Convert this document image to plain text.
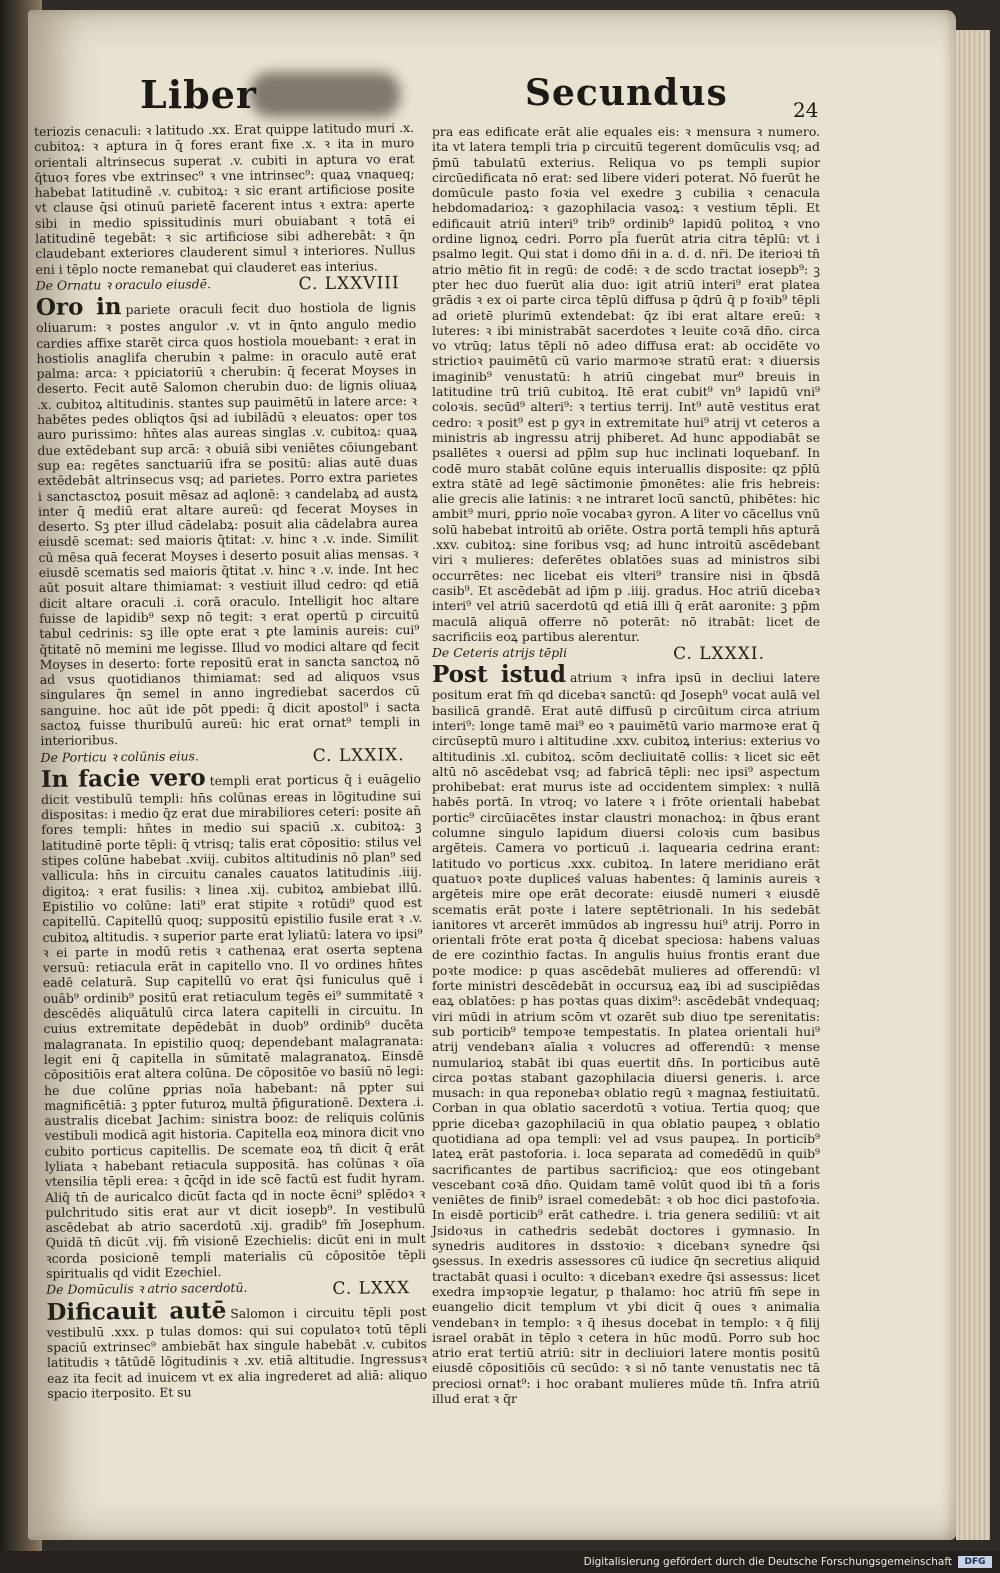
Liber	Secundus	24

teriozis cenaculi: ꝛ latitudo .xx. Erat quippe latitudo muri .x. cubitoꝝ: ꝛ aptura in q̄ fores erant fixe .x. ꝛ ita in muro orientali altrinsecus superat .v. cubiti in aptura vo erat q̄tuoꝛ fores vbe extrinsec⁹ ꝛ vne intrinsec⁹: quaꝝ vnaqueq; habebat latitudinē .v. cubitoꝝ: ꝛ sic erant artificiose posite vt clause q̄si otinuū parietē facerent intus ꝛ extra: aperte sibi in medio spissitudinis muri obuiabant ꝛ totā ei latitudinē tegebāt: ꝛ sic artificiose sibi adherebāt: ꝛ q̄n claudebant exteriores clauderent simul ꝛ interiores. Nullus eni i tēplo nocte remanebat qui clauderet eas interius.

De Ornatu ꝛ oraculo eiusdē.	C. LXXVIII

Oro in pariete oraculi fecit duo hostiola de lignis oliuarum: ꝛ postes angulor .v. vt in q̄nto angulo medio cardies affixe starēt circa quos hostiola mouebant: ꝛ erat in hostiolis anaglifa cherubin ꝛ palme: in oraculo autē erat palma: arca: ꝛ ppiciatoriū ꝛ cherubin: q̄ fecerat Moyses in deserto. Fecit autē Salomon cherubin duo: de lignis oliuaꝝ .x. cubitoꝝ altitudinis. stantes sup pauimētū in latere arce: ꝛ habētes pedes obliqtos q̄si ad iubilādū ꝛ eleuatos: oper tos auro purissimo: hn̄tes alas aureas singlas .v. cubitoꝝ: quaꝝ due extēdebant sup arcā: ꝛ obuiā sibi veniētes cōiungebant sup ea: regētes sanctuariū ifra se positū: alias autē duas extēdebāt altrinsecus vsq; ad parietes. Porro extra parietes i sanctasctoꝝ posuit mēsaz ad aqlonē: ꝛ candelabꝝ ad austꝝ inter q̄ mediū erat altare aureū: qd fecerat Moyses in deserto. Sꝫ pter illud cādelabꝝ: posuit alia cādelabra aurea eiusdē scemat: sed maioris q̄titat: .v. hinc ꝛ .v. inde. Similit cū mēsa quā fecerat Moyses i deserto posuit alias mensas. ꝛ eiusdē scematis sed maioris q̄titat .v. hinc ꝛ .v. inde. Int hec aūt posuit altare thimiamat: ꝛ vestiuit illud cedro: qd etiā dicit altare oraculi .i. corā oraculo. Intelligit hoc altare fuisse de lapidib⁹ sexp nō tegit: ꝛ erat opertū p circuitū tabul cedrinis: sꝫ ille opte erat ꝛ ꝑte laminis aureis: cui⁹ q̄titatē nō memini me legisse. Illud vo modici altare qd fecit Moyses in deserto: forte repositū erat in sancta sanctoꝝ nō ad vsus quotidianos thimiamat: sed ad aliquos vsus singulares q̄n semel in anno ingrediebat sacerdos cū sanguine. hoc aūt ide pōt ppedi: q̄ dicit apostol⁹ i sacta sactoꝝ fuisse thuribulū aureū: hic erat ornat⁹ templi in interioribus.

De Porticu ꝛ colūnis eius.	C. LXXIX.

In facie vero templi erat porticus q̄ i euāgelio dicit vestibulū templi: hn̄s colūnas ereas in lōgitudine sui dispositas: i medio q̄z erat due mirabiliores ceteri: posite an̄ fores templi: hn̄tes in medio sui spaciū .x. cubitoꝝ: ꝫ latitudinē porte tēpli: q̄ vtrisq; talis erat cōpositio: stilus vel stipes colūne habebat .xviij. cubitos altitudinis nō plan⁹ sed vallicula: hn̄s in circuitu canales cauatos latitudinis .iiij. digitoꝝ: ꝛ erat fusilis: ꝛ linea .xij. cubitoꝝ ambiebat illū. Epistilio vo colūne: lati⁹ erat stipite ꝛ rotūdi⁹ quod est capitellū. Capitellū quoq; suppositū epistilio fusile erat ꝛ .v. cubitoꝝ altitudis. ꝛ superior parte erat lyliatū: latera vo ipsi⁹ ꝛ ei parte in modū retis ꝛ cathenaꝝ erat oserta septena versuū: retiacula erāt in capitello vno. Il vo ordines hn̄tes eadē celaturā. Sup capitellū vo erat q̄si funiculus quē i ouāb⁹ ordinib⁹ positū erat retiaculum tegēs ei⁹ summitatē ꝛ descēdēs aliquātulū circa latera capitelli in circuitu. In cuius extremitate depēdebāt in duob⁹ ordinib⁹ ducēta malagranata. In epistilio quoq; dependebant malagranata: legit eni q̄ capitella in sūmitatē malagranatoꝝ. Einsdē cōpositiōis erat altera colūna. De cōpositōe vo basiū nō legi: he due colūne ꝑprias noīa habebant: nā ppter sui magnificētiā: ꝫ ppter futuroꝝ multā p̄figurationē. Dextera .i. australis dicebat Jachim: sinistra booz: de reliquis colūnis vestibuli modicā agit historia. Capitella eoꝝ minora dicit vno cubito porticus capitellis. De scemate eoꝝ tn̄ dicit q̄ erāt lyliata ꝛ habebant retiacula suppositā. has colūnas ꝛ oīa vtensilia tēpli erea: ꝛ q̄cq̄d in ide scē factū est fudit hyram. Aliq̄ tn̄ de auricalco dicūt facta qd in nocte ēcni⁹ splēdoꝛ ꝛ pulchritudo sitis erat aur vt dicit iosepb⁹. In vestibulū ascēdebat ab atrio sacerdotū .xij. gradib⁹ fm̄ Josephum. Quidā tn̄ dicūt .vij. fm̄ visionē Ezechielis: dicūt eni in mult ꝛcorda posicionē templi materialis cū cōpositōe tēpli spiritualis qd vidit Ezechiel.

De Domūculis ꝛ atrio sacerdotū.	C. LXXX

Dificauit autē Salomon i circuitu tēpli post vestibulū .xxx. p tulas domos: qui sui copulatoꝛ totū tēpli spaciū extrinsec⁹ ambiebāt hax singule habebāt .v. cubitos latitudis ꝛ tātūdē lōgitudinis ꝛ .xv. etiā altitudie. Ingressusꝛ eaz ita fecit ad inuicem vt ex alia ingrederet ad aliā: aliquo spacio iterposito. Et su

pra eas edificate erāt alie equales eis: ꝛ mensura ꝛ numero. ita vt latera templi tria p circuitū tegerent domūculis vsq; ad p̄mū tabulatū exterius. Reliqua vo ps templi supior circūedificata nō erat: sed libere videri poterat. Nō fuerūt he domūcule pasto foꝛia vel exedre ꝫ cubilia ꝛ cenacula hebdomadarioꝝ: ꝛ gazophilacia vasoꝝ: ꝛ vestium tēpli. Et edificauit atriū interi⁹ trib⁹ ordinib⁹ lapidū politoꝝ ꝛ vno ordine lignoꝝ cedri. Porro pl̄a fuerūt atria citra tēplū: vt i psalmo legit. Qui stat i domo dn̄i in a. d. d. nr̄i. De iterioꝛi tn̄ atrio mētio fit in regū: de codē: ꝛ de scdo tractat iosepb⁹: ꝫ pter hec duo fuerūt alia duo: igit atriū interi⁹ erat platea grādis ꝛ ex oi parte circa tēplū diffusa p q̄drū q̄ p foꝛib⁹ tēpli ad orietē plurimū extendebat: q̄z ibi erat altare ereū: ꝛ luteres: ꝛ ibi ministrabāt sacerdotes ꝛ leuite coꝛā dn̄o. circa vo vtrūq; latus tēpli nō adeo diffusa erat: ab occidēte vo strictioꝛ pauimētū cū vario marmoꝛe stratū erat: ꝛ diuersis imaginib⁹ venustatū: h atriū cingebat mur⁹ breuis in latitudine trū triū cubitoꝝ. Itē erat cubit⁹ vn⁹ lapidū vni⁹ coloꝛis. secūd⁹ alteri⁹: ꝛ tertius terrij. Int⁹ autē vestitus erat cedro: ꝛ posit⁹ est p gyꝛ in extremitate hui⁹ atrij vt ceteros a ministris ab ingressu atrij phiberet. Ad hunc appodiabāt se psallētes ꝛ ouersi ad pp̄lm sup huc inclinati loquebanf. In codē muro stabāt colūne equis interuallis disposite: qz pp̄lū extra stātē ad legē sāctimonie p̄monētes: alie fris hebreis: alie grecis alie latinis: ꝛ ne intraret locū sanctū, phibētes: hic ambit⁹ muri, ꝑprio noīe vocabaꝛ gyron. A liter vo cācellus vnū solū habebat introitū ab oriēte. Ostra portā templi hn̄s apturā .xxv. cubitoꝝ: sine foribus vsq; ad hunc introitū ascēdebant viri ꝛ mulieres: deferētes oblatōes suas ad ministros sibi occurrētes: nec licebat eis vlteri⁹ transire nisi in q̄bsdā casib⁹. Et ascēdebāt ad ip̄m p .iiij. gradus. Hoc atriū dicebaꝛ interi⁹ vel atriū sacerdotū qd etiā illi q̄ erāt aaronite: ꝫ pp̄m maculā aliquā offerre nō poterāt: nō itrabāt: licet de sacrificiis eoꝝ partibus alerentur.

De Ceteris atrijs tēpli	C. LXXXI.

Post istud atrium ꝛ infra ipsū in decliui latere positum erat fm̄ qd dicebaꝛ sanctū: qd Joseph⁹ vocat aulā vel basilicā grandē. Erat autē diffusū p circūitum circa atrium interi⁹: longe tamē mai⁹ eo ꝛ pauimētū vario marmoꝛe erat q̄ circūseptū muro i altitudine .xxv. cubitoꝝ interius: exterius vo altitudinis .xl. cubitoꝝ. scōm decliuitatē collis: ꝛ licet sic eēt altū nō ascēdebat vsq; ad fabricā tēpli: nec ipsi⁹ aspectum prohibebat: erat murus iste ad occidentem simplex: ꝛ nullā habēs portā. In vtroq; vo latere ꝛ i frōte orientali habebat portic⁹ circūiacētes instar claustri monachoꝝ: in q̄bus erant columne singulo lapidum diuersi coloꝛis cum basibus argēteis. Camera vo porticuū .i. laquearia cedrina erant: latitudo vo porticus .xxx. cubitoꝝ. In latere meridiano erāt quatuoꝛ poꝛte dupliceś valuas habentes: q̄ laminis aureis ꝛ argēteis mire ope erāt decorate: eiusdē numeri ꝛ eiusdē scematis erāt poꝛte i latere septētrionali. In his sedebāt ianitores vt arcerēt immūdos ab ingressu hui⁹ atrij. Porro in orientali frōte erat poꝛta q̄ dicebat speciosa: habens valuas de ere cozinthio factas. In angulis huius frontis erant due poꝛte modice: p quas ascēdebāt mulieres ad offerendū: vl forte ministri descēdebāt in occursuꝝ eaꝝ ibi ad suscipiēdas eaꝝ oblatōes: p has poꝛtas quas dixim⁹: ascēdebāt vndequaq; viri mūdi in atrium scōm vt ozarēt sub diuo tpe serenitatis: sub porticib⁹ tempoꝛe tempestatis. In platea orientali hui⁹ atrij vendebanꝛ aīalia ꝛ volucres ad offerendū: ꝛ mense numularioꝝ stabāt ibi quas euertit dn̄s. In porticibus autē circa poꝛtas stabant gazophilacia diuersi generis. i. arce musach: in qua reponebaꝛ oblatio regū ꝛ magnaꝝ festiuitatū. Corban in qua oblatio sacerdotū ꝛ votiua. Tertia quoq; que pprie dicebaꝛ gazophilaciū in qua oblatio paupeꝝ ꝛ oblatio quotidiana ad opa templi: vel ad vsus paupeꝝ. In porticib⁹ lateꝝ erāt pastoforia. i. loca separata ad comedēdū in quib⁹ sacrificantes de partibus sacrificioꝝ: que eos otingebant vescebant coꝛā dn̄o. Quidam tamē volūt quod ibi tn̄ a foris veniētes de finib⁹ israel comedebāt: ꝛ ob hoc dici pastofoꝛia. In eisdē porticib⁹ erāt cathedre. i. tria genera sediliū: vt ait Jsidoꝛus in cathedris sedebāt doctores i gymnasio. In synedris auditores in dsstoꝛio: ꝛ dicebanꝛ synedre q̄si ꝯsessus. In exedris assessores cū iudice q̄n secretius aliquid tractabāt quasi i oculto: ꝛ dicebanꝛ exedre q̄si assessus: licet exedra impꝛopꝛie legatur, p thalamo: hoc atriū fm̄ sepe in euangelio dicit templum vt ybi dicit q̄ oues ꝛ animalia vendebanꝛ in templo: ꝛ q̄ ihesus docebat in templo: ꝛ q̄ filij israel orabāt in tēplo ꝛ cetera in hūc modū. Porro sub hoc atrio erat tertiū atriū: sitr in decliuiori latere montis positū eiusdē cōpositiōis cū secūdo: ꝛ si nō tante venustatis nec tā preciosi ornat⁹: i hoc orabant mulieres mūde tn̄. Infra atriū illud erat ꝛ q̄r

Digitalisierung gefördert durch die Deutsche Forschungsgemeinschaft	DFG
